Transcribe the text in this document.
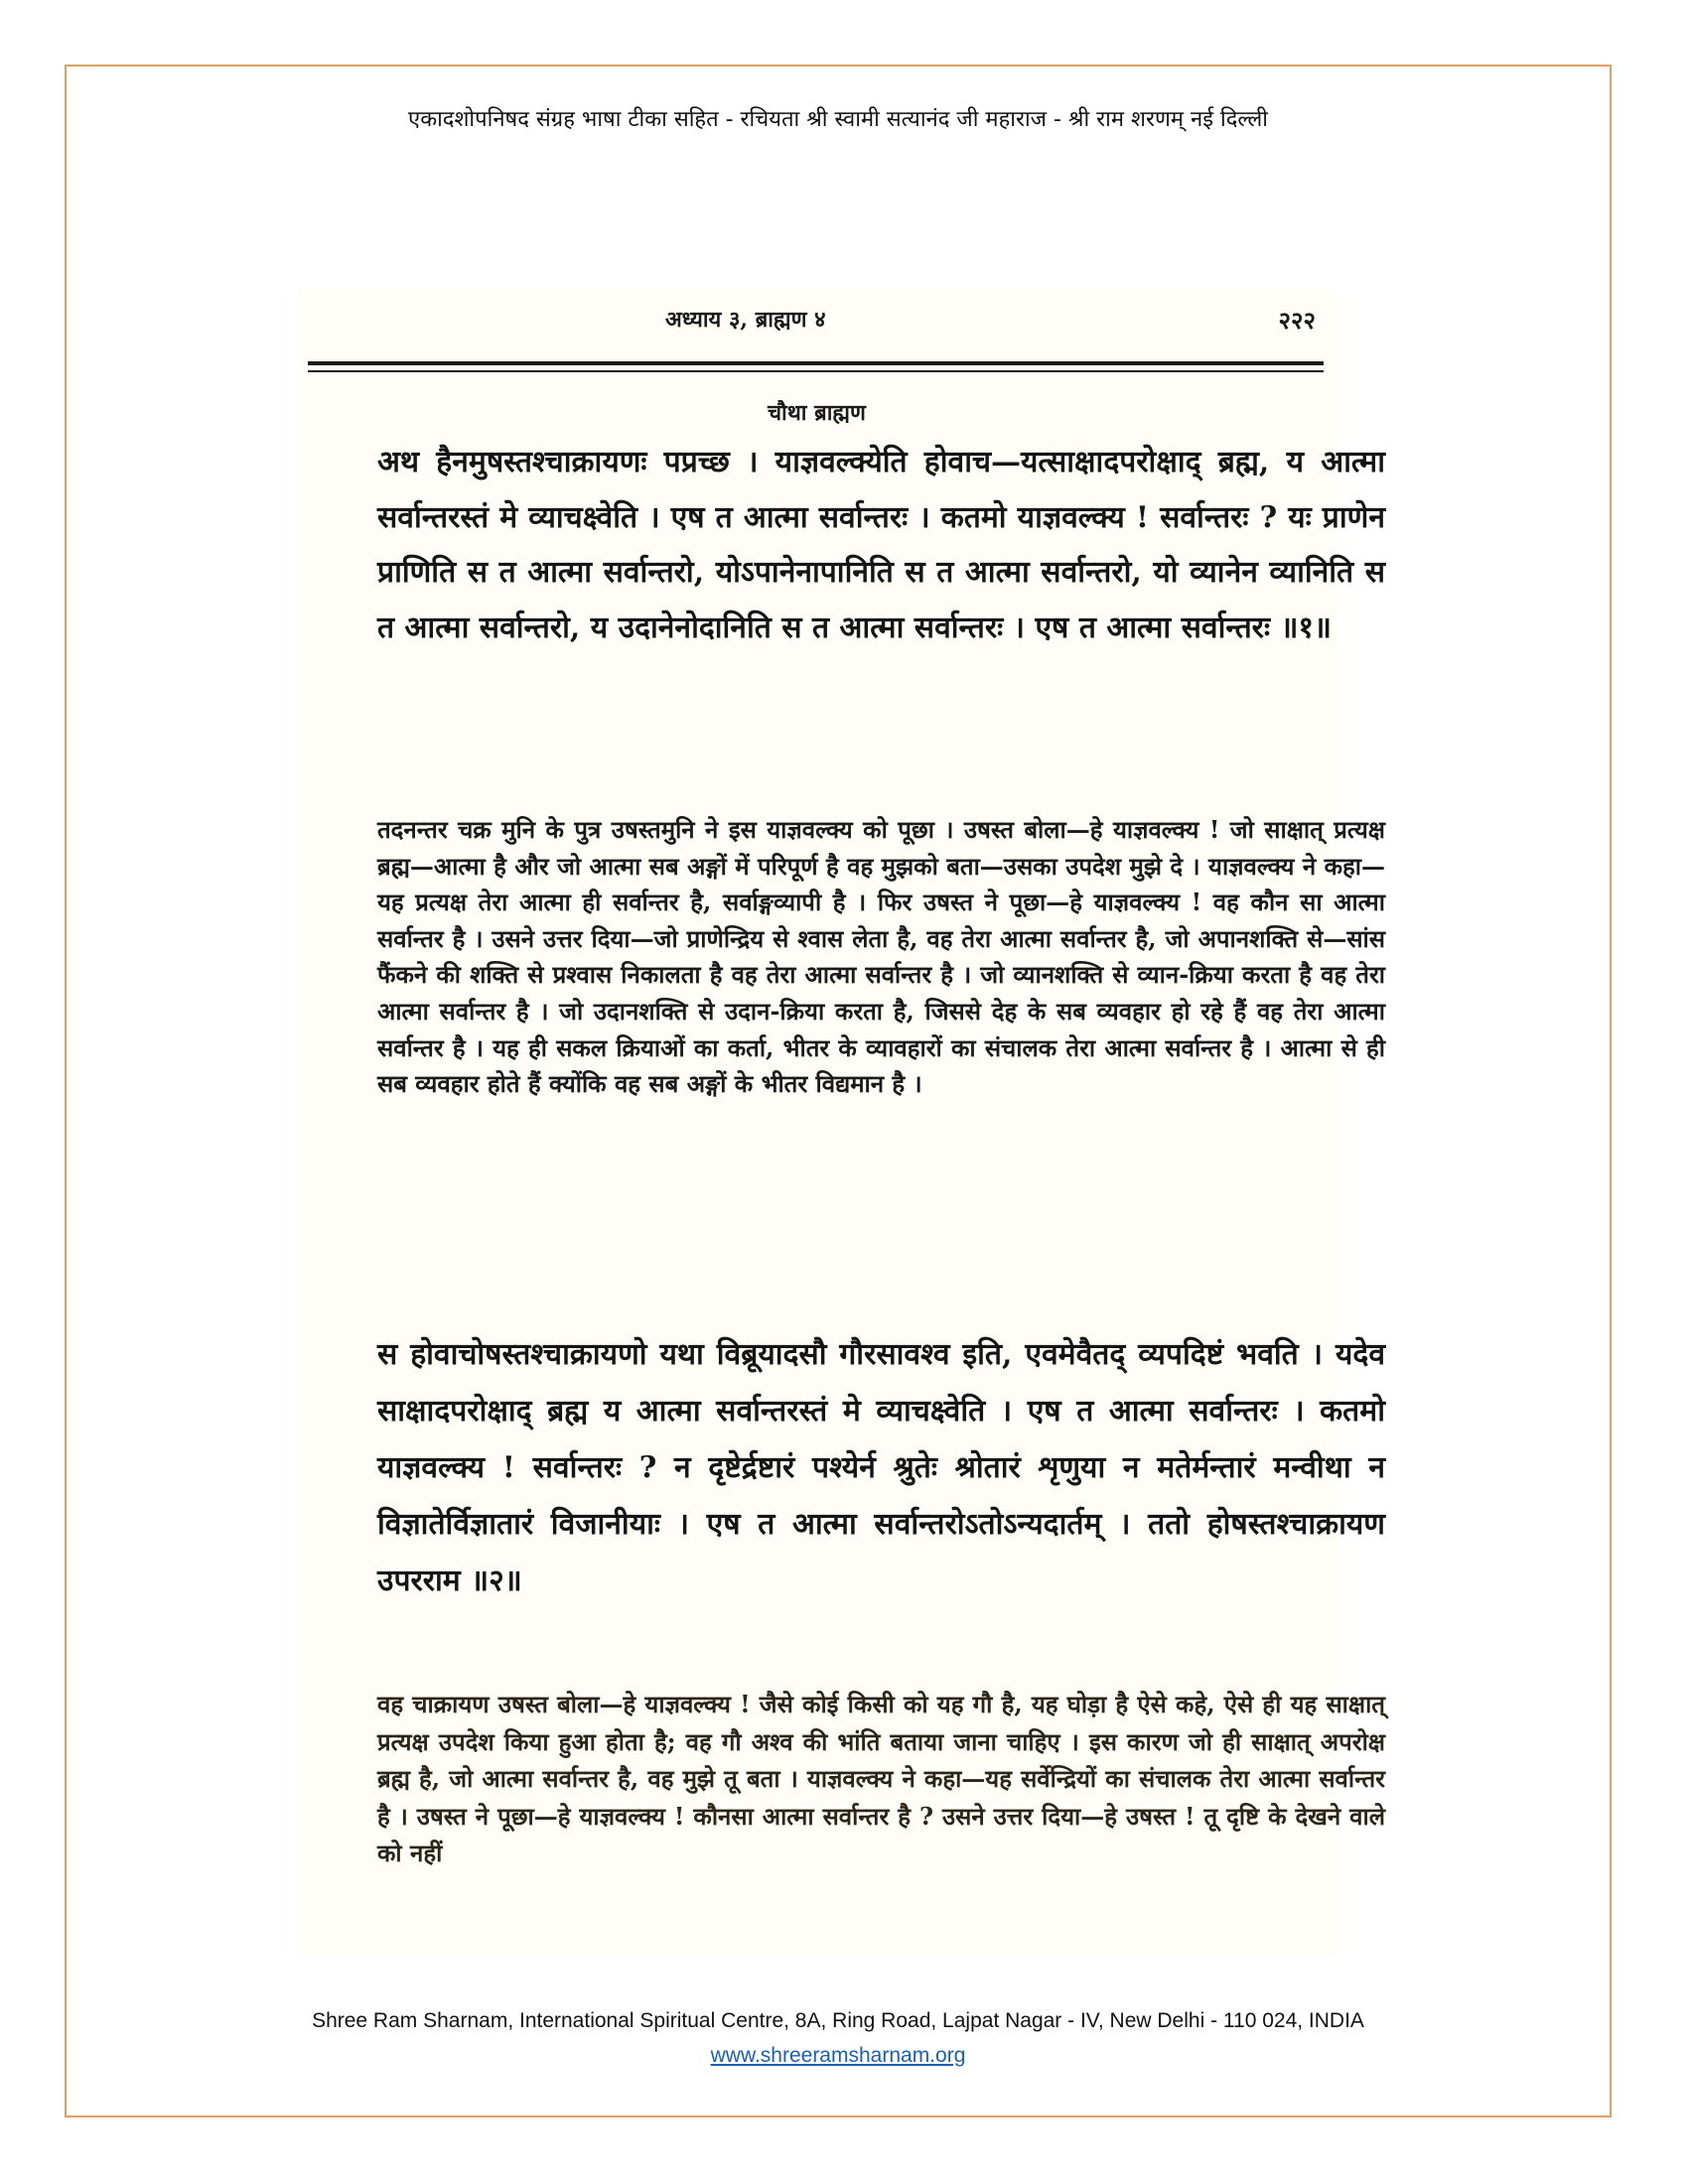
एकादशोपनिषद संग्रह भाषा टीका सहित - रचियता श्री स्वामी सत्यानंद जी महाराज - श्री राम शरणम् नई दिल्ली
अध्याय ३, ब्राह्मण ४	२२२
चौथा ब्राह्मण
अथ हैनमुषस्तश्चाक्रायणः पप्रच्छ । याज्ञवल्क्येति होवाच—यत्साक्षादपरोक्षाद् ब्रह्म, य आत्मा सर्वान्तरस्तं मे व्याचक्ष्वेति । एष त आत्मा सर्वान्तरः । कतमो याज्ञवल्क्य ! सर्वान्तरः ? यः प्राणेन प्राणिति स त आत्मा सर्वान्तरो, योऽपानेनापानिति स त आत्मा सर्वान्तरो, यो व्यानेन व्यानिति स त आत्मा सर्वान्तरो, य उदानेनोदानिति स त आत्मा सर्वान्तरः । एष त आत्मा सर्वान्तरः ॥१॥
तदनन्तर चक्र मुनि के पुत्र उषस्तमुनि ने इस याज्ञवल्क्य को पूछा । उषस्त बोला—हे याज्ञवल्क्य ! जो साक्षात् प्रत्यक्ष ब्रह्म—आत्मा है और जो आत्मा सब अङ्गों में परिपूर्ण है वह मुझको बता—उसका उपदेश मुझे दे । याज्ञवल्क्य ने कहा—यह प्रत्यक्ष तेरा आत्मा ही सर्वान्तर है, सर्वाङ्गव्यापी है । फिर उषस्त ने पूछा—हे याज्ञवल्क्य ! वह कौन सा आत्मा सर्वान्तर है । उसने उत्तर दिया—जो प्राणेन्द्रिय से श्वास लेता है, वह तेरा आत्मा सर्वान्तर है, जो अपानशक्ति से—सांस फैंकने की शक्ति से प्रश्वास निकालता है वह तेरा आत्मा सर्वान्तर है । जो व्यानशक्ति से व्यान-क्रिया करता है वह तेरा आत्मा सर्वान्तर है । जो उदानशक्ति से उदान-क्रिया करता है, जिससे देह के सब व्यवहार हो रहे हैं वह तेरा आत्मा सर्वान्तर है । यह ही सकल क्रियाओं का कर्ता, भीतर के व्यावहारों का संचालक तेरा आत्मा सर्वान्तर है । आत्मा से ही सब व्यवहार होते हैं क्योंकि वह सब अङ्गों के भीतर विद्यमान है ।
स होवाचोषस्तश्चाक्रायणो यथा विब्रूयादसौ गौरसावश्व इति, एवमेवैतद् व्यपदिष्टं भवति । यदेव साक्षादपरोक्षाद् ब्रह्म य आत्मा सर्वान्तरस्तं मे व्याचक्ष्वेति । एष त आत्मा सर्वान्तरः । कतमो याज्ञवल्क्य ! सर्वान्तरः ? न दृष्टेर्द्रष्टारं पश्येर्न श्रुतेः श्रोतारं शृणुया न मतेर्मन्तारं मन्वीथा न विज्ञातेर्विज्ञातारं विजानीयाः । एष त आत्मा सर्वान्तरोऽतोऽन्यदार्तम् । ततो होषस्तश्चाक्रायण उपरराम ॥२॥
वह चाक्रायण उषस्त बोला—हे याज्ञवल्क्य ! जैसे कोई किसी को यह गौ है, यह घोड़ा है ऐसे कहे, ऐसे ही यह साक्षात् प्रत्यक्ष उपदेश किया हुआ होता है; वह गौ अश्व की भांति बताया जाना चाहिए । इस कारण जो ही साक्षात् अपरोक्ष ब्रह्म है, जो आत्मा सर्वान्तर है, वह मुझे तू बता । याज्ञवल्क्य ने कहा—यह सर्वेन्द्रियों का संचालक तेरा आत्मा सर्वान्तर है । उषस्त ने पूछा—हे याज्ञवल्क्य ! कौनसा आत्मा सर्वान्तर है ? उसने उत्तर दिया—हे उषस्त ! तू दृष्टि के देखने वाले को नहीं
Shree Ram Sharnam, International Spiritual Centre, 8A, Ring Road, Lajpat Nagar - IV, New Delhi - 110 024, INDIA
www.shreeramsharnam.org
